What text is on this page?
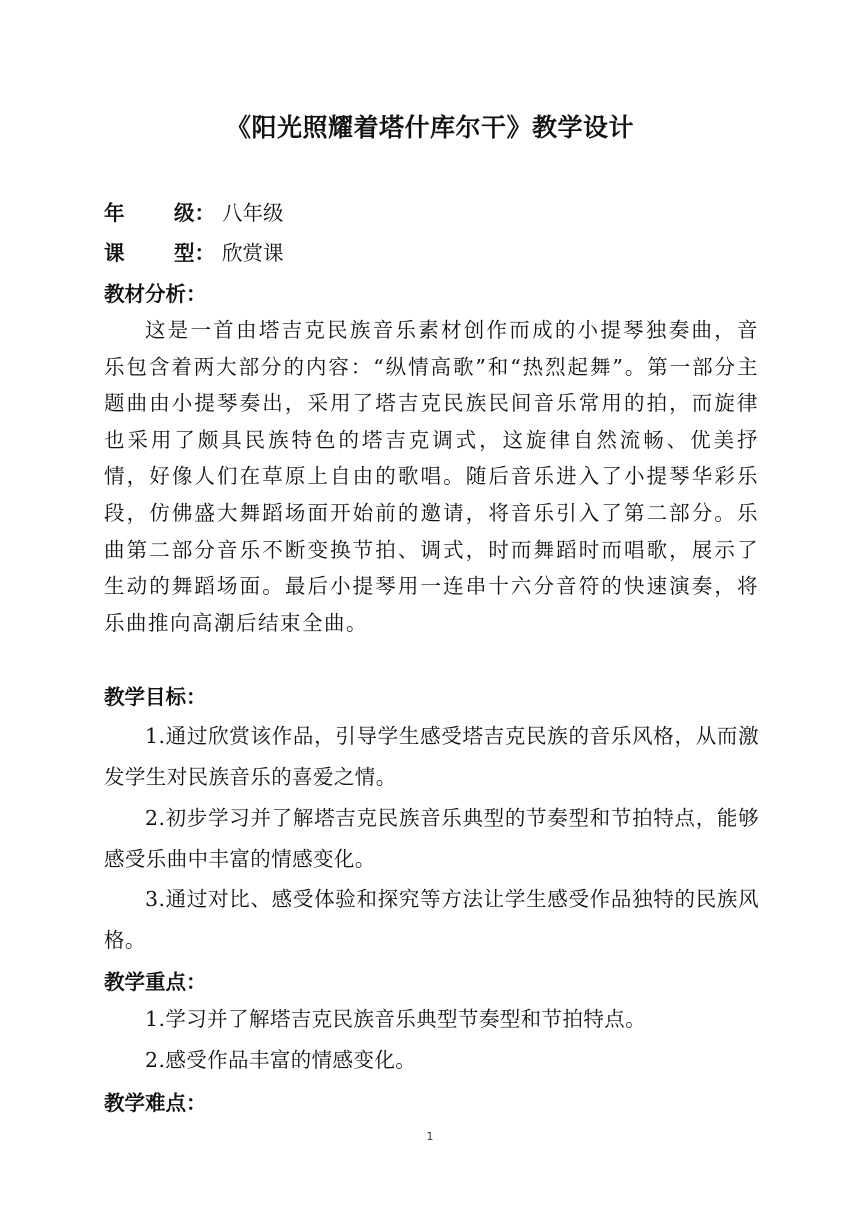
《阳光照耀着塔什库尔干》教学设计
年 级： 八年级
课 型： 欣赏课
教材分析：
这是一首由塔吉克民族音乐素材创作而成的小提琴独奏曲，音乐包含着两大部分的内容：“纵情高歌”和“热烈起舞”。第一部分主题曲由小提琴奏出，采用了塔吉克民族民间音乐常用的拍，而旋律也采用了颇具民族特色的塔吉克调式，这旋律自然流畅、优美抒情，好像人们在草原上自由的歌唱。随后音乐进入了小提琴华彩乐段，仿佛盛大舞蹈场面开始前的邀请，将音乐引入了第二部分。乐曲第二部分音乐不断变换节拍、调式，时而舞蹈时而唱歌，展示了生动的舞蹈场面。最后小提琴用一连串十六分音符的快速演奏，将乐曲推向高潮后结束全曲。
教学目标：
1.通过欣赏该作品，引导学生感受塔吉克民族的音乐风格，从而激发学生对民族音乐的喜爱之情。
2.初步学习并了解塔吉克民族音乐典型的节奏型和节拍特点，能够感受乐曲中丰富的情感变化。
3.通过对比、感受体验和探究等方法让学生感受作品独特的民族风格。
教学重点：
1.学习并了解塔吉克民族音乐典型节奏型和节拍特点。
2.感受作品丰富的情感变化。
教学难点：
1
